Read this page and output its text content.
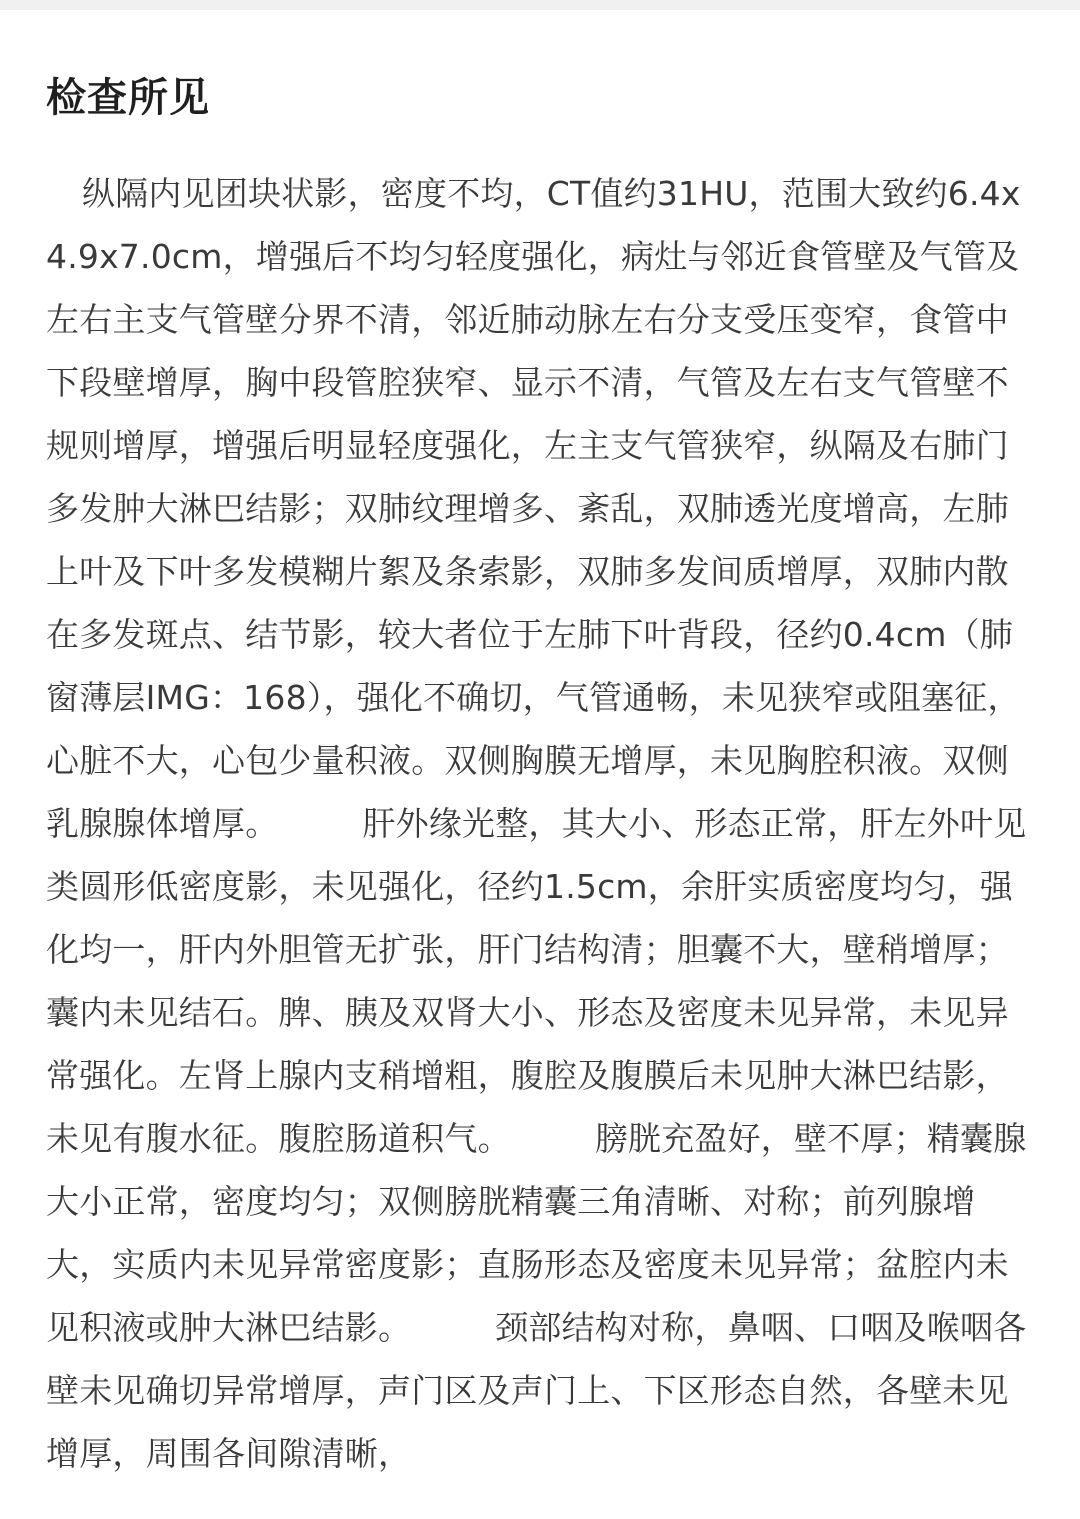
检查所见

纵隔内见团块状影，密度不均，CT值约31HU，范围大致约6.4x4.9x7.0cm，增强后不均匀轻度强化，病灶与邻近食管壁及气管及左右主支气管壁分界不清，邻近肺动脉左右分支受压变窄，食管中下段壁增厚，胸中段管腔狭窄、显示不清，气管及左右支气管壁不规则增厚，增强后明显轻度强化，左主支气管狭窄，纵隔及右肺门多发肿大淋巴结影；双肺纹理增多、紊乱，双肺透光度增高，左肺上叶及下叶多发模糊片絮及条索影，双肺多发间质增厚，双肺内散在多发斑点、结节影，较大者位于左肺下叶背段，径约0.4cm（肺窗薄层IMG：168），强化不确切，气管通畅，未见狭窄或阻塞征，心脏不大，心包少量积液。双侧胸膜无增厚，未见胸腔积液。双侧乳腺腺体增厚。	肝外缘光整，其大小、形态正常，肝左外叶见类圆形低密度影，未见强化，径约1.5cm，余肝实质密度均匀，强化均一，肝内外胆管无扩张，肝门结构清；胆囊不大，壁稍增厚；囊内未见结石。脾、胰及双肾大小、形态及密度未见异常，未见异常强化。左肾上腺内支稍增粗，腹腔及腹膜后未见肿大淋巴结影，未见有腹水征。腹腔肠道积气。	膀胱充盈好，壁不厚；精囊腺大小正常，密度均匀；双侧膀胱精囊三角清晰、对称；前列腺增大，实质内未见异常密度影；直肠形态及密度未见异常；盆腔内未见积液或肿大淋巴结影。	颈部结构对称，鼻咽、口咽及喉咽各壁未见确切异常增厚，声门区及声门上、下区形态自然，各壁未见增厚，周围各间隙清晰，
